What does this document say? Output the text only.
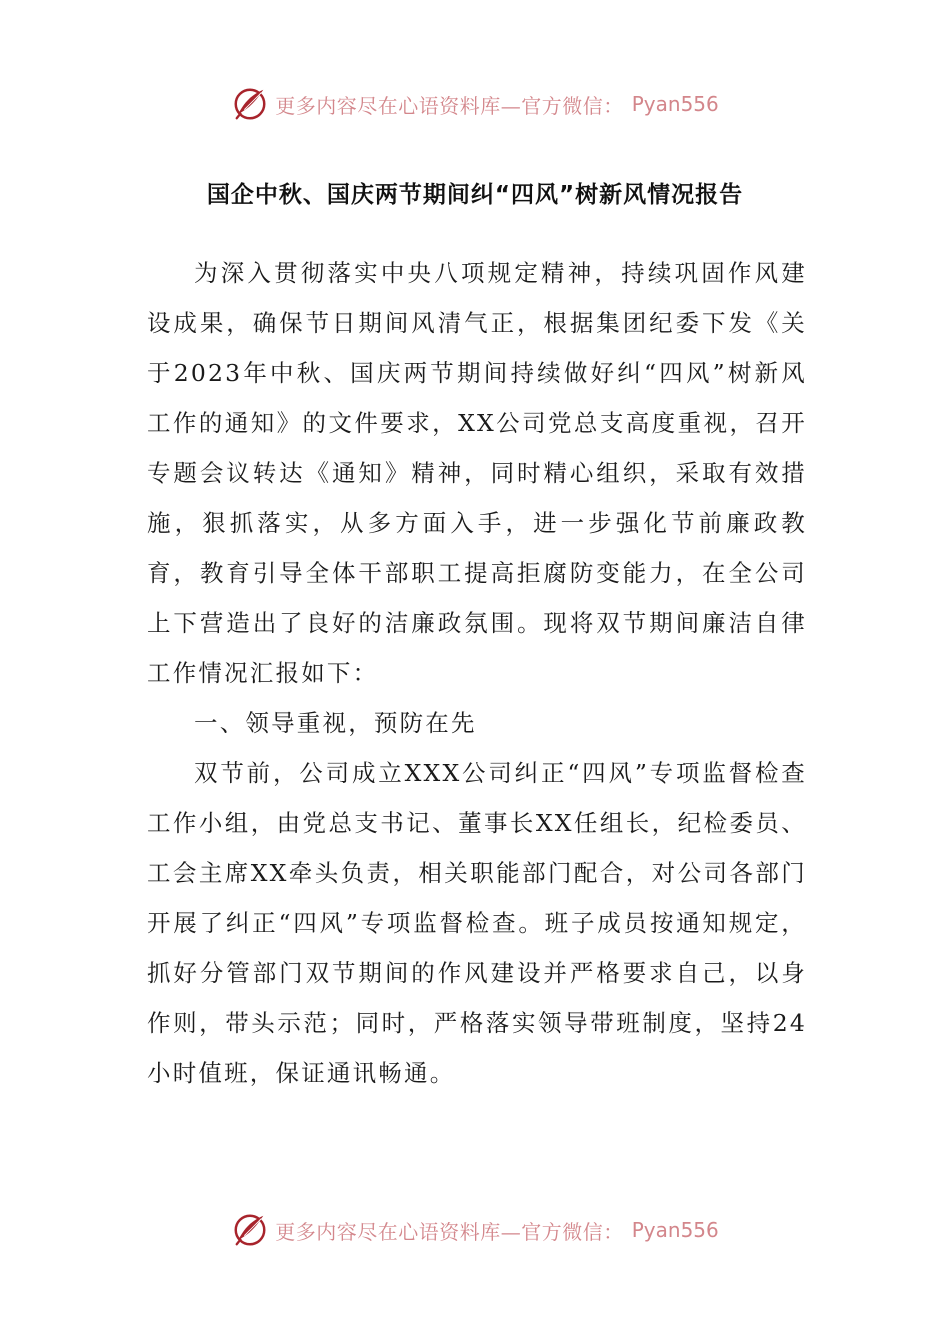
更多内容尽在心语资料库—官方微信： Pyan556
国企中秋、国庆两节期间纠“四风”树新风情况报告

为深入贯彻落实中央八项规定精神，持续巩固作风建设成果，确保节日期间风清气正，根据集团纪委下发《关于2023年中秋、国庆两节期间持续做好纠“四风”树新风工作的通知》的文件要求，XX公司党总支高度重视，召开专题会议转达《通知》精神，同时精心组织，采取有效措施，狠抓落实，从多方面入手，进一步强化节前廉政教育，教育引导全体干部职工提高拒腐防变能力，在全公司上下营造出了良好的洁廉政氛围。现将双节期间廉洁自律工作情况汇报如下：

一、领导重视，预防在先

双节前，公司成立XXX公司纠正“四风”专项监督检查工作小组，由党总支书记、董事长XX任组长，纪检委员、工会主席XX牵头负责，相关职能部门配合，对公司各部门开展了纠正“四风”专项监督检查。班子成员按通知规定，抓好分管部门双节期间的作风建设并严格要求自己，以身作则，带头示范；同时，严格落实领导带班制度，坚持24小时值班，保证通讯畅通。

更多内容尽在心语资料库—官方微信： Pyan556
